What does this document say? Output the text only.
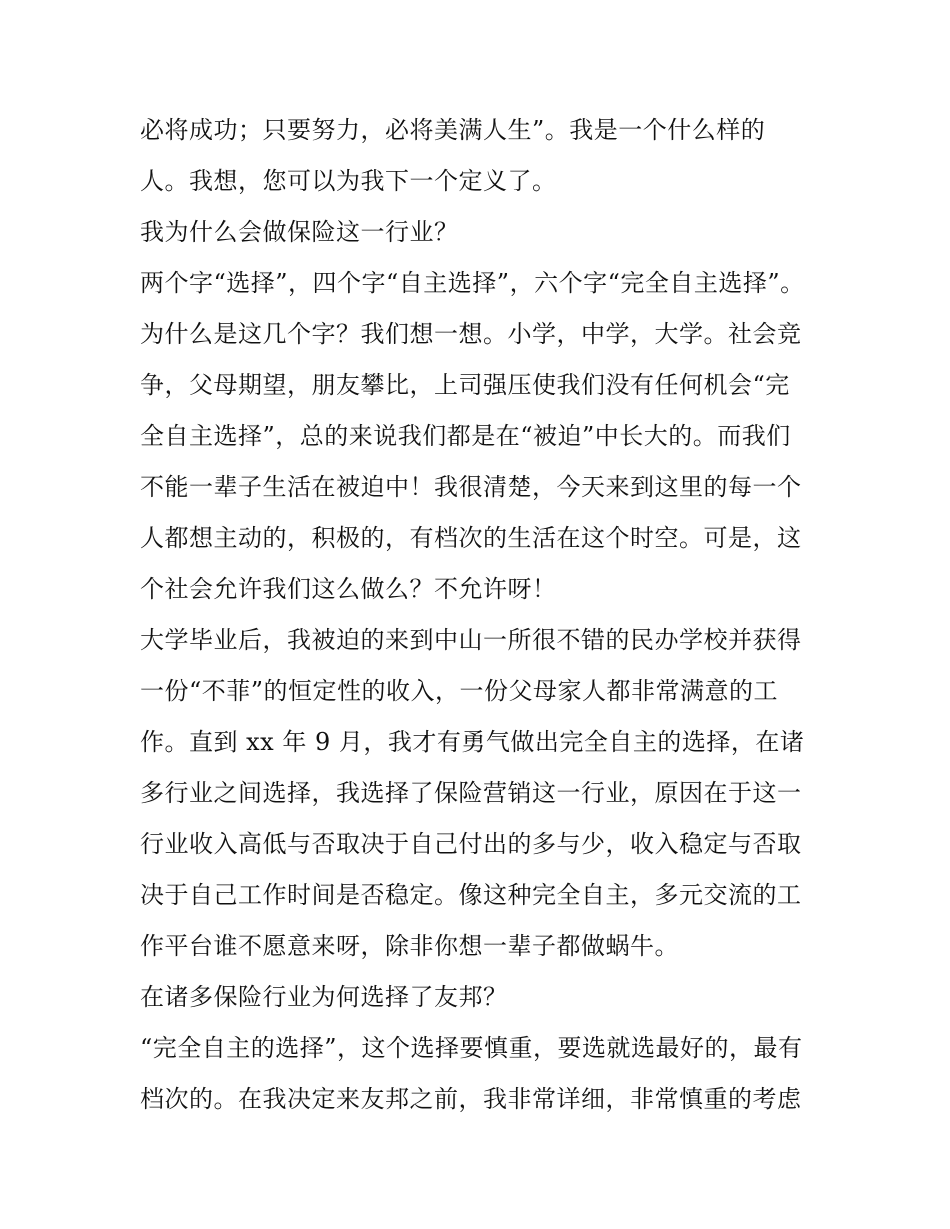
必将成功；只要努力，必将美满人生”。我是一个什么样的
人。我想，您可以为我下一个定义了。
我为什么会做保险这一行业？
两个字“选择”，四个字“自主选择”，六个字“完全自主选择”。
为什么是这几个字？我们想一想。小学，中学，大学。社会竞
争，父母期望，朋友攀比，上司强压使我们没有任何机会“完
全自主选择”，总的来说我们都是在“被迫”中长大的。而我们
不能一辈子生活在被迫中！我很清楚，今天来到这里的每一个
人都想主动的，积极的，有档次的生活在这个时空。可是，这
个社会允许我们这么做么？不允许呀！
大学毕业后，我被迫的来到中山一所很不错的民办学校并获得
一份“不菲”的恒定性的收入，一份父母家人都非常满意的工
作。直到 xx 年 9 月，我才有勇气做出完全自主的选择，在诸
多行业之间选择，我选择了保险营销这一行业，原因在于这一
行业收入高低与否取决于自己付出的多与少，收入稳定与否取
决于自己工作时间是否稳定。像这种完全自主，多元交流的工
作平台谁不愿意来呀，除非你想一辈子都做蜗牛。
在诸多保险行业为何选择了友邦？
“完全自主的选择”，这个选择要慎重，要选就选最好的，最有
档次的。在我决定来友邦之前，我非常详细，非常慎重的考虑
